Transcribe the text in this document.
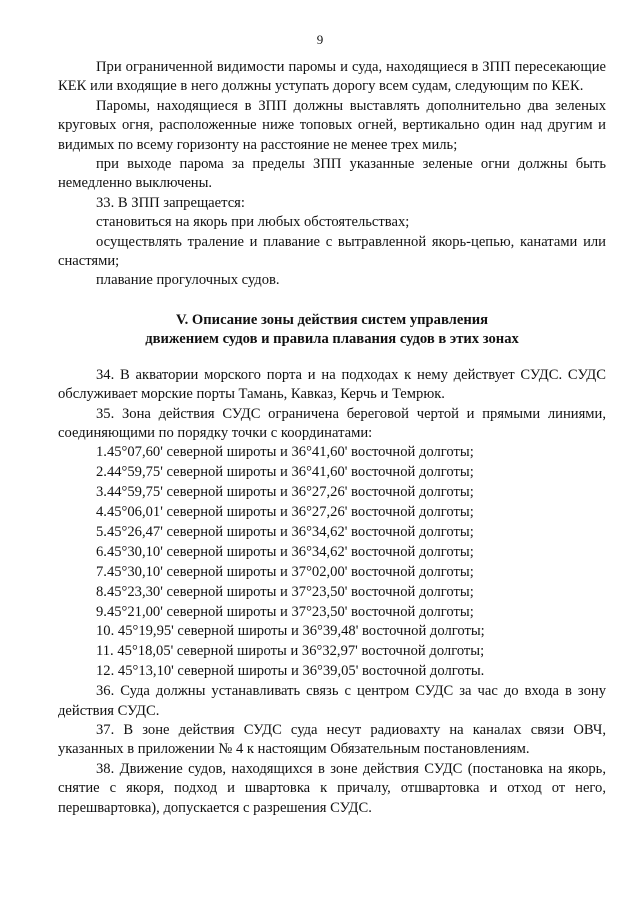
9

При ограниченной видимости паромы и суда, находящиеся в ЗПП пересекающие КЕК или входящие в него должны уступать дорогу всем судам, следующим по КЕК.

Паромы, находящиеся в ЗПП должны выставлять дополнительно два зеленых круговых огня, расположенные ниже топовых огней, вертикально один над другим и видимых по всему горизонту на расстояние не менее трех миль;

при выходе парома за пределы ЗПП указанные зеленые огни должны быть немедленно выключены.

33. В ЗПП запрещается:

становиться на якорь при любых обстоятельствах;

осуществлять траление и плавание с вытравленной якорь-цепью, канатами или снастями;

плавание прогулочных судов.

V. Описание зоны действия систем управления
движением судов и правила плавания судов в этих зонах

34. В акватории морского порта и на подходах к нему действует СУДС. СУДС обслуживает морские порты Тамань, Кавказ, Керчь и Темрюк.

35. Зона действия СУДС ограничена береговой чертой и прямыми линиями, соединяющими по порядку точки с координатами:

1.45°07,60' северной широты и 36°41,60' восточной долготы;
2.44°59,75' северной широты и 36°41,60' восточной долготы;
3.44°59,75' северной широты и 36°27,26' восточной долготы;
4.45°06,01' северной широты и 36°27,26' восточной долготы;
5.45°26,47' северной широты и 36°34,62' восточной долготы;
6.45°30,10' северной широты и 36°34,62' восточной долготы;
7.45°30,10' северной широты и 37°02,00' восточной долготы;
8.45°23,30' северной широты и 37°23,50' восточной долготы;
9.45°21,00' северной широты и 37°23,50' восточной долготы;
10. 45°19,95' северной широты и 36°39,48' восточной долготы;
11. 45°18,05' северной широты и 36°32,97' восточной долготы;
12. 45°13,10' северной широты и 36°39,05' восточной долготы.

36. Суда должны устанавливать связь с центром СУДС за час до входа в зону действия СУДС.

37. В зоне действия СУДС суда несут радиовахту на каналах связи ОВЧ, указанных в приложении № 4 к настоящим Обязательным постановлениям.

38. Движение судов, находящихся в зоне действия СУДС (постановка на якорь, снятие с якоря, подход и швартовка к причалу, отшвартовка и отход от него, перешвартовка), допускается с разрешения СУДС.
